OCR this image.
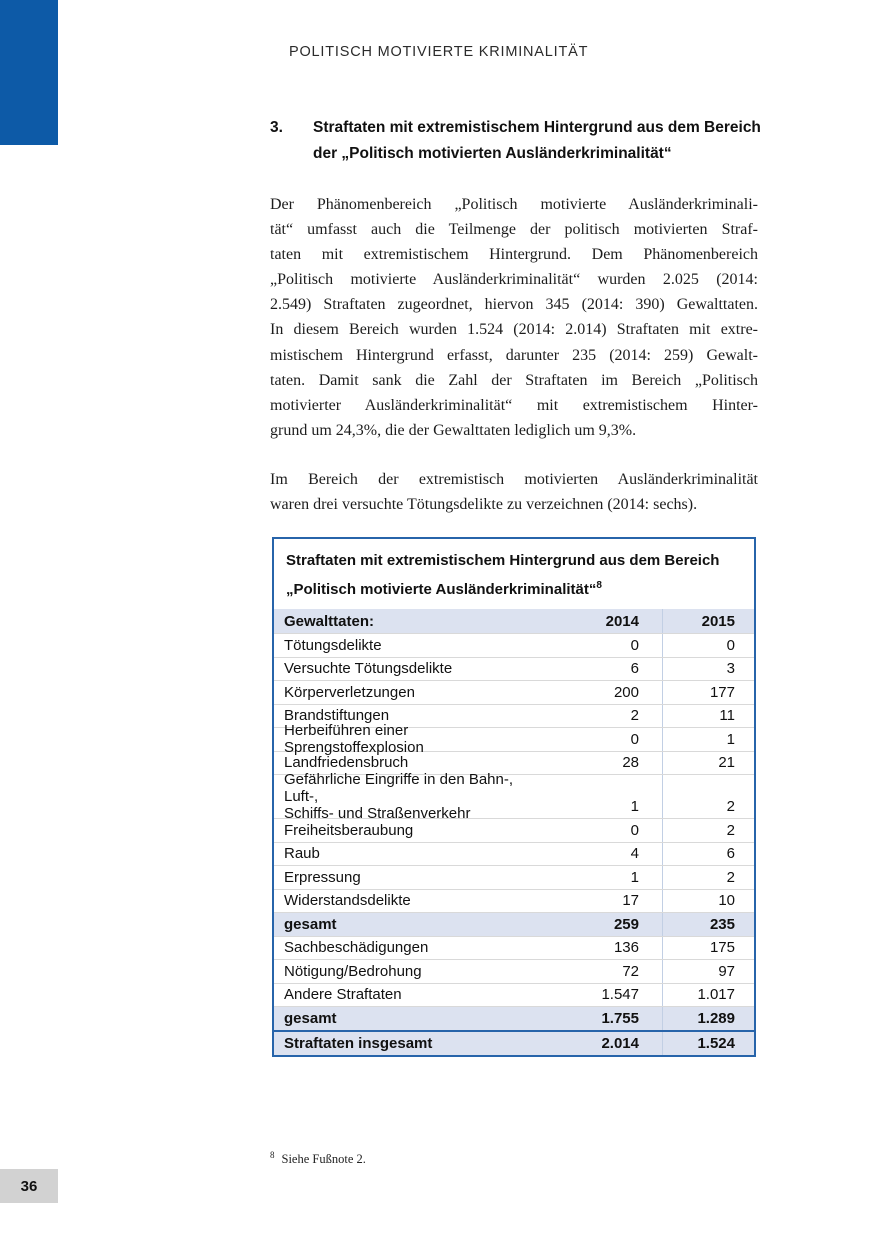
POLITISCH MOTIVIERTE KRIMINALITÄT
3.	Straftaten mit extremistischem Hintergrund aus dem Bereich
der „Politisch motivierten Ausländerkriminalität“
Der Phänomenbereich „Politisch motivierte Ausländerkriminali-
tät“ umfasst auch die Teilmenge der politisch motivierten Straf-
taten mit extremistischem Hintergrund. Dem Phänomenbereich
„Politisch motivierte Ausländerkriminalität“ wurden 2.025 (2014:
2.549) Straftaten zugeordnet, hiervon 345 (2014: 390) Gewalttaten.
In diesem Bereich wurden 1.524 (2014: 2.014) Straftaten mit extre-
mistischem Hintergrund erfasst, darunter 235 (2014: 259) Gewalt-
taten. Damit sank die Zahl der Straftaten im Bereich „Politisch
motivierter Ausländerkriminalität“ mit extremistischem Hinter-
grund um 24,3%, die der Gewalttaten lediglich um 9,3%.
Im Bereich der extremistisch motivierten Ausländerkriminalität
waren drei versuchte Tötungsdelikte zu verzeichnen (2014: sechs).
Straftaten mit extremistischem Hintergrund aus dem Bereich
„Politisch motivierte Ausländerkriminalität“$^8$
Gewalttaten:	2014	2015
Tötungsdelikte	0	0
Versuchte Tötungsdelikte	6	3
Körperverletzungen	200	177
Brandstiftungen	2	11
Herbeiführen einer Sprengstoffexplosion	0	1
Landfriedensbruch	28	21
Gefährliche Eingriffe in den Bahn-, Luft-,
Schiffs- und Straßenverkehr	1	2
Freiheitsberaubung	0	2
Raub	4	6
Erpressung	1	2
Widerstandsdelikte	17	10
gesamt	259	235
Sachbeschädigungen	136	175
Nötigung/Bedrohung	72	97
Andere Straftaten	1.547	1.017
gesamt	1.755	1.289
Straftaten insgesamt	2.014	1.524
$^8$ Siehe Fußnote 2.
36
